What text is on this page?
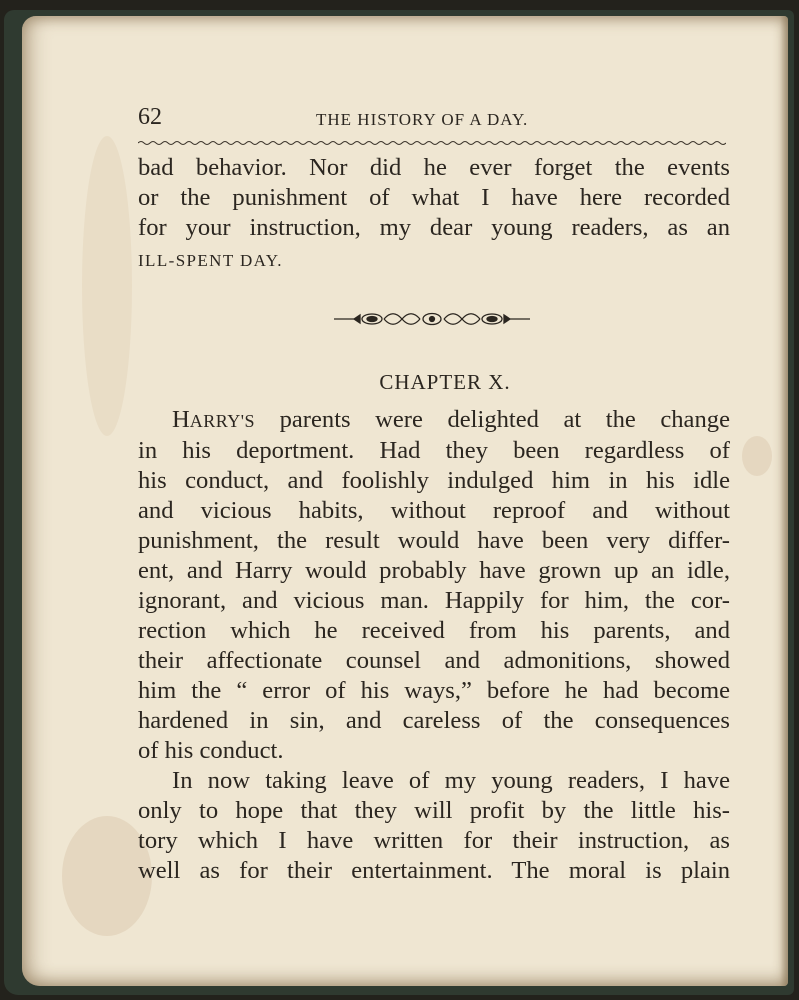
62	THE HISTORY OF A DAY.
bad behavior. Nor did he ever forget the events
or the punishment of what I have here recorded
for your instruction, my dear young readers, as an
ILL-SPENT DAY.
CHAPTER X.
HARRY'S parents were delighted at the change
in his deportment. Had they been regardless of
his conduct, and foolishly indulged him in his idle
and vicious habits, without reproof and without
punishment, the result would have been very differ-
ent, and Harry would probably have grown up an idle,
ignorant, and vicious man. Happily for him, the cor-
rection which he received from his parents, and
their affectionate counsel and admonitions, showed
him the “ error of his ways,” before he had become
hardened in sin, and careless of the consequences
of his conduct.
In now taking leave of my young readers, I have
only to hope that they will profit by the little his-
tory which I have written for their instruction, as
well as for their entertainment. The moral is plain
